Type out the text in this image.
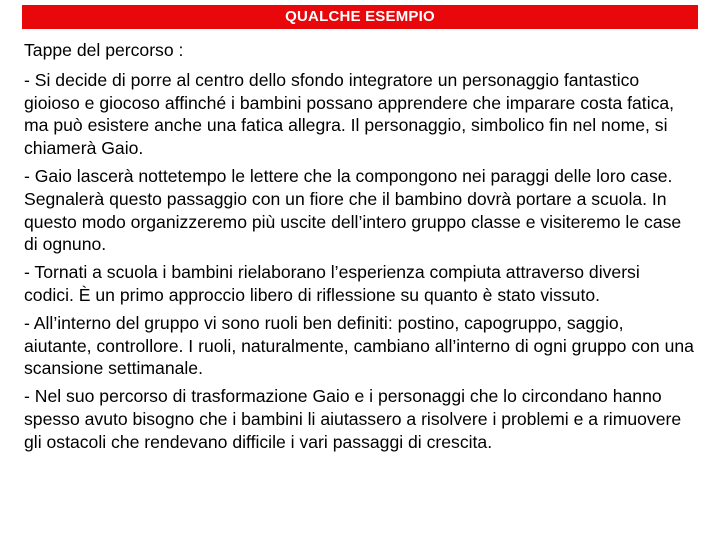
QUALCHE ESEMPIO

Tappe del percorso :

- Si decide di porre al centro dello sfondo integratore un personaggio fantastico gioioso e giocoso affinché i bambini possano apprendere che imparare costa fatica, ma può esistere anche una fatica allegra. Il personaggio, simbolico fin nel nome, si chiamerà Gaio.

- Gaio lascerà nottetempo le lettere che la compongono nei paraggi delle loro case. Segnalerà questo passaggio con un fiore che il bambino dovrà portare a scuola. In questo modo organizzeremo più uscite dell’intero gruppo classe e visiteremo le case di ognuno.

- Tornati a scuola i bambini rielaborano l’esperienza compiuta attraverso diversi codici. È un primo approccio libero di riflessione su quanto è stato vissuto.

- All’interno del gruppo vi sono ruoli ben definiti: postino, capogruppo, saggio, aiutante, controllore. I ruoli, naturalmente, cambiano all’interno di ogni gruppo con una scansione settimanale.

- Nel suo percorso di trasformazione Gaio e i personaggi che lo circondano hanno spesso avuto bisogno che i bambini li aiutassero a risolvere i problemi e a rimuovere gli ostacoli che rendevano difficile i vari passaggi di crescita.
